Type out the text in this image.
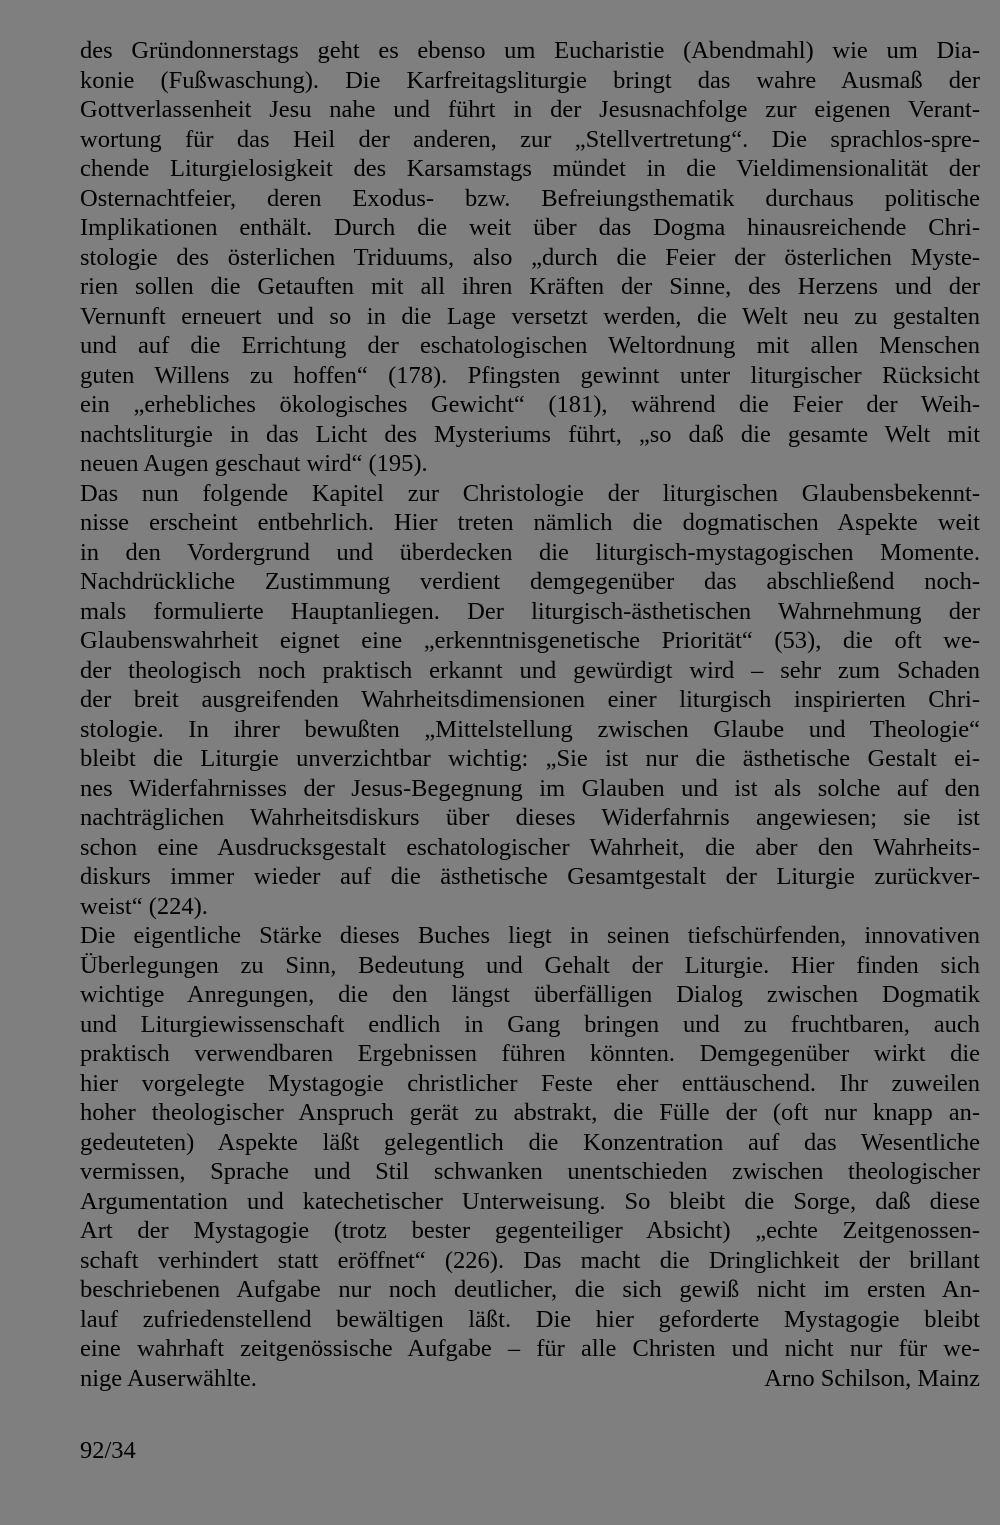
des Gründonnerstags geht es ebenso um Eucharistie (Abendmahl) wie um Dia-
konie (Fußwaschung). Die Karfreitagsliturgie bringt das wahre Ausmaß der
Gottverlassenheit Jesu nahe und führt in der Jesusnachfolge zur eigenen Verant-
wortung für das Heil der anderen, zur „Stellvertretung“. Die sprachlos-spre-
chende Liturgielosigkeit des Karsamstags mündet in die Vieldimensionalität der
Osternachtfeier, deren Exodus- bzw. Befreiungsthematik durchaus politische
Implikationen enthält. Durch die weit über das Dogma hinausreichende Chri-
stologie des österlichen Triduums, also „durch die Feier der österlichen Myste-
rien sollen die Getauften mit all ihren Kräften der Sinne, des Herzens und der
Vernunft erneuert und so in die Lage versetzt werden, die Welt neu zu gestalten
und auf die Errichtung der eschatologischen Weltordnung mit allen Menschen
guten Willens zu hoffen“ (178). Pfingsten gewinnt unter liturgischer Rücksicht
ein „erhebliches ökologisches Gewicht“ (181), während die Feier der Weih-
nachtsliturgie in das Licht des Mysteriums führt, „so daß die gesamte Welt mit
neuen Augen geschaut wird“ (195).
Das nun folgende Kapitel zur Christologie der liturgischen Glaubensbekennt-
nisse erscheint entbehrlich. Hier treten nämlich die dogmatischen Aspekte weit
in den Vordergrund und überdecken die liturgisch-mystagogischen Momente.
Nachdrückliche Zustimmung verdient demgegenüber das abschließend noch-
mals formulierte Hauptanliegen. Der liturgisch-ästhetischen Wahrnehmung der
Glaubenswahrheit eignet eine „erkenntnisgenetische Priorität“ (53), die oft we-
der theologisch noch praktisch erkannt und gewürdigt wird – sehr zum Schaden
der breit ausgreifenden Wahrheitsdimensionen einer liturgisch inspirierten Chri-
stologie. In ihrer bewußten „Mittelstellung zwischen Glaube und Theologie“
bleibt die Liturgie unverzichtbar wichtig: „Sie ist nur die ästhetische Gestalt ei-
nes Widerfahrnisses der Jesus-Begegnung im Glauben und ist als solche auf den
nachträglichen Wahrheitsdiskurs über dieses Widerfahrnis angewiesen; sie ist
schon eine Ausdrucksgestalt eschatologischer Wahrheit, die aber den Wahrheits-
diskurs immer wieder auf die ästhetische Gesamtgestalt der Liturgie zurückver-
weist“ (224).
Die eigentliche Stärke dieses Buches liegt in seinen tiefschürfenden, innovativen
Überlegungen zu Sinn, Bedeutung und Gehalt der Liturgie. Hier finden sich
wichtige Anregungen, die den längst überfälligen Dialog zwischen Dogmatik
und Liturgiewissenschaft endlich in Gang bringen und zu fruchtbaren, auch
praktisch verwendbaren Ergebnissen führen könnten. Demgegenüber wirkt die
hier vorgelegte Mystagogie christlicher Feste eher enttäuschend. Ihr zuweilen
hoher theologischer Anspruch gerät zu abstrakt, die Fülle der (oft nur knapp an-
gedeuteten) Aspekte läßt gelegentlich die Konzentration auf das Wesentliche
vermissen, Sprache und Stil schwanken unentschieden zwischen theologischer
Argumentation und katechetischer Unterweisung. So bleibt die Sorge, daß diese
Art der Mystagogie (trotz bester gegenteiliger Absicht) „echte Zeitgenossen-
schaft verhindert statt eröffnet“ (226). Das macht die Dringlichkeit der brillant
beschriebenen Aufgabe nur noch deutlicher, die sich gewiß nicht im ersten An-
lauf zufriedenstellend bewältigen läßt. Die hier geforderte Mystagogie bleibt
eine wahrhaft zeitgenössische Aufgabe – für alle Christen und nicht nur für we-
nige Auserwählte.	Arno Schilson, Mainz
92/34
